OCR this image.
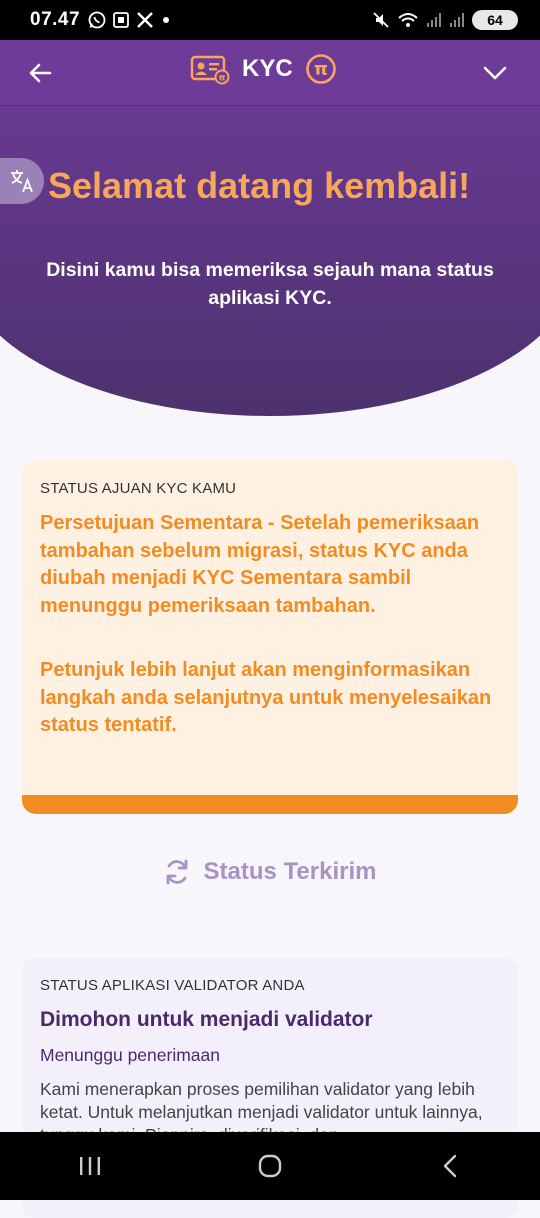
07.47	64
π KYC π
Selamat datang kembali!
Disini kamu bisa memeriksa sejauh mana status aplikasi KYC.
STATUS AJUAN KYC KAMU
Persetujuan Sementara - Setelah pemeriksaan tambahan sebelum migrasi, status KYC anda diubah menjadi KYC Sementara sambil menunggu pemeriksaan tambahan.
Petunjuk lebih lanjut akan menginformasikan langkah anda selanjutnya untuk menyelesaikan status tentatif.
Status Terkirim
STATUS APLIKASI VALIDATOR ANDA
Dimohon untuk menjadi validator
Menunggu penerimaan
Kami menerapkan proses pemilihan validator yang lebih ketat. Untuk melanjutkan menjadi validator untuk lainnya,
